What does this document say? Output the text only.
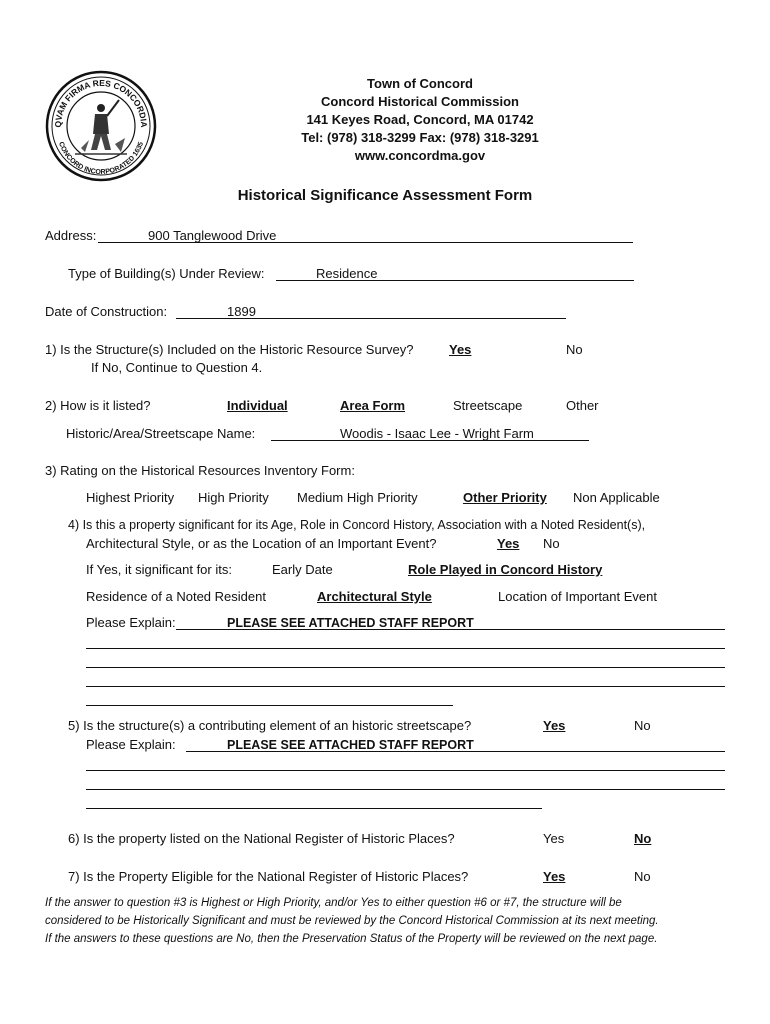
QVAM FIRMA RES CONCORDIA
CONCORD INCORPORATED 1635
Town of Concord
Concord Historical Commission
141 Keyes Road, Concord, MA 01742
Tel: (978) 318-3299 Fax: (978) 318-3291
www.concordma.gov
Historical Significance Assessment Form
Address:	900 Tanglewood Drive
Type of Building(s) Under Review:	Residence
Date of Construction:	1899
1) Is the Structure(s) Included on the Historic Resource Survey?	Yes	No
If No, Continue to Question 4.
2) How is it listed?	Individual	Area Form	Streetscape	Other
Historic/Area/Streetscape Name:	Woodis - Isaac Lee - Wright Farm
3) Rating on the Historical Resources Inventory Form:
Highest Priority High Priority Medium High Priority	Other Priority Non Applicable
4) Is this a property significant for its Age, Role in Concord History, Association with a Noted Resident(s),
Architectural Style, or as the Location of an Important Event?	Yes No
If Yes, it significant for its:	Early Date	Role Played in Concord History
Residence of a Noted Resident	Architectural Style	Location of Important Event
Please Explain:	PLEASE SEE ATTACHED STAFF REPORT
5) Is the structure(s) a contributing element of an historic streetscape?	Yes	No
Please Explain:	PLEASE SEE ATTACHED STAFF REPORT
6) Is the property listed on the National Register of Historic Places?	Yes	No
7) Is the Property Eligible for the National Register of Historic Places?	Yes	No
If the answer to question #3 is Highest or High Priority, and/or Yes to either question #6 or #7, the structure will be
considered to be Historically Significant and must be reviewed by the Concord Historical Commission at its next meeting.
If the answers to these questions are No, then the Preservation Status of the Property will be reviewed on the next page.
